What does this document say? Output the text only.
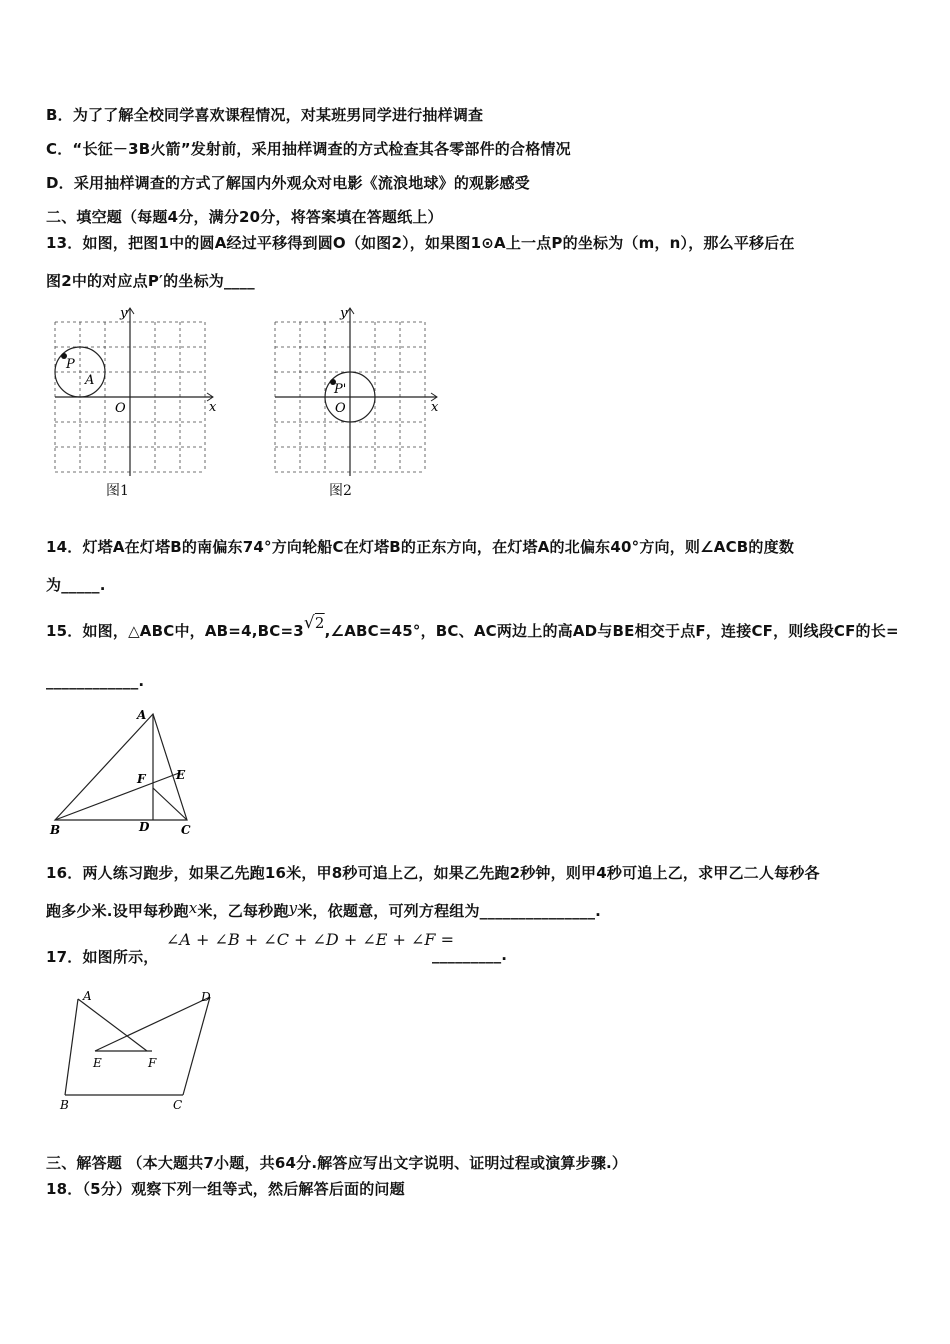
B．为了了解全校同学喜欢课程情况，对某班男同学进行抽样调查
C．“长征－3B火箭”发射前，采用抽样调查的方式检查其各零部件的合格情况
D．采用抽样调查的方式了解国内外观众对电影《流浪地球》的观影感受
二、填空题（每题4分，满分20分，将答案填在答题纸上）
13．如图，把图1中的圆A经过平移得到圆O（如图2），如果图1⊙A上一点P的坐标为（m，n），那么平移后在
图2中的对应点P′的坐标为____
y
x
O
P
A
图1
y
x
O
P'
图2
14．灯塔A在灯塔B的南偏东74°方向轮船C在灯塔B的正东方向，在灯塔A的北偏东40°方向，则∠ACB的度数
为_____.
15．如图，△ABC中，AB=4,BC=3√2,∠ABC=45°，BC、AC两边上的高AD与BE相交于点F，连接CF，则线段CF的长=
____________.
A
B	C
D
E
F
16．两人练习跑步，如果乙先跑16米，甲8秒可追上乙，如果乙先跑2秒钟，则甲4秒可追上乙，求甲乙二人每秒各
跑多少米.设甲每秒跑x米，乙每秒跑y米，依题意，可列方程组为_______________.
17．如图所示，
∠A + ∠B + ∠C + ∠D + ∠E + ∠F =
_________.
A
B	C
D
E	F
三、解答题 （本大题共7小题，共64分.解答应写出文字说明、证明过程或演算步骤.）
18．（5分）观察下列一组等式，然后解答后面的问题
